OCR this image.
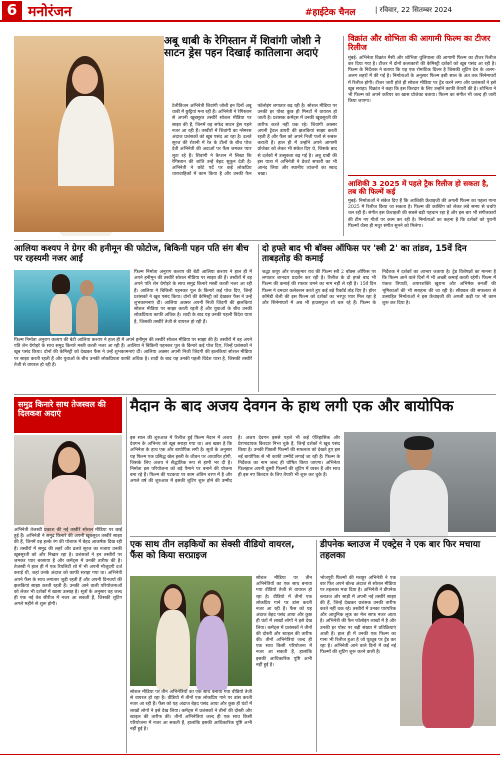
6 मनोरंजन	#हाईटेक चैनल	| रविवार, 22 सितम्बर 2024
अबू धाबी के रेगिस्तान में शिवांगी जोशी ने साटन ड्रेस पहन दिखाई कातिलाना अदाएं
टेलीविजन अभिनेत्री शिवांगी जोशी इन दिनों अबू धाबी में छुट्टियां मना रही हैं। अभिनेत्री ने रेगिस्तान से अपनी खूबसूरत तस्वीरें सोशल मीडिया पर साझा की हैं, जिनमें वह सफेद साटन ड्रेस पहने नजर आ रही हैं। तस्वीरों में शिवांगी का ग्लैमरस अंदाज प्रशंसकों को खूब पसंद आ रहा है। ढलते सूरज की रोशनी में रेत के टीलों के बीच पोज देती अभिनेत्री की अदाओं पर फैंस जमकर प्यार लुटा रहे हैं। शिवांगी ने कैप्शन में लिखा कि रेगिस्तान की शांति उन्हें बेहद सुकून देती है। अभिनेत्री ने छोटे पर्दे पर कई लोकप्रिय धारावाहिकों में काम किया है और उनकी फैन फॉलोइंग लगातार बढ़ रही है। सोशल मीडिया पर उनकी हर पोस्ट कुछ ही मिनटों में वायरल हो जाती है। प्रशंसक कमेंट्स में उनकी खूबसूरती की तारीफ करते नहीं थक रहे। शिवांगी अक्सर अपनी ट्रैवल डायरी की झलकियां साझा करती रहती हैं और फैंस को अपने निजी पलों से रूबरू कराती हैं। हाल ही में उन्होंने अपने आगामी प्रोजेक्ट को लेकर भी संकेत दिए थे, जिसके बाद से दर्शकों में उत्सुकता बढ़ गई है। अबू धाबी की इस यात्रा में अभिनेत्री ने डेजर्ट सफारी का भी आनंद लिया और स्थानीय व्यंजनों का स्वाद चखा।
विक्रांत और शोभिता की आगामी फिल्म का टीजर रिलीज
मुंबई: अभिनेता विक्रांत मैसी और शोभिता धुलिपाला की आगामी फिल्म का टीजर रिलीज कर दिया गया है। टीजर में दोनों कलाकारों की केमिस्ट्री दर्शकों को खूब पसंद आ रही है। फिल्म के निर्देशक ने बताया कि यह एक रोमांटिक थ्रिलर है जिसकी शूटिंग देश के अलग-अलग शहरों में की गई है। निर्माताओं के अनुसार फिल्म इसी साल के अंत तक सिनेमाघरों में रिलीज होगी। टीजर जारी होते ही सोशल मीडिया पर ट्रेंड करने लगा और प्रशंसकों ने इसे खूब सराहा। विक्रांत ने कहा कि इस किरदार के लिए उन्होंने काफी तैयारी की है। शोभिता ने भी फिल्म को अपने करियर का खास प्रोजेक्ट बताया। फिल्म का संगीत भी जल्द ही जारी किया जाएगा।
आशिकी 3 2025 में पहले ट्रैक रिलीज हो सकता है, तब की फिल्में कई
मुंबई: निर्माताओं ने संकेत दिए हैं कि आशिकी फ्रेंचाइजी की अगली फिल्म का पहला गाना 2025 में रिलीज किया जा सकता है। फिल्म की कास्टिंग को लेकर लंबे समय से चर्चाएं चल रही हैं। संगीत इस फ्रेंचाइजी की सबसे बड़ी पहचान रहा है और इस बार भी संगीतकारों की टीम नए गीतों पर काम कर रही है। निर्माताओं का कहना है कि दर्शकों को पुरानी फिल्मों जैसा ही मधुर संगीत सुनने को मिलेगा।
आलिया कश्यप ने ग्रेगर की हनीमून की फोटोज, बिकिनी पहन पति संग बीच पर रहस्यमी नजर आईं
फिल्म निर्माता अनुराग कश्यप की बेटी आलिया कश्यप ने हाल ही में अपने हनीमून की तस्वीरें सोशल मीडिया पर साझा की हैं। तस्वीरों में वह अपने पति शेन ग्रेगोइरे के साथ समुद्र किनारे मस्ती करती नजर आ रही हैं। आलिया ने बिकिनी पहनकर पूल के किनारे कई पोज दिए, जिन्हें प्रशंसकों ने खूब पसंद किया। दोनों की केमिस्ट्री को देखकर फैंस ने उन्हें शुभकामनाएं दीं। आलिया अक्सर अपनी निजी जिंदगी की झलकियां सोशल मीडिया पर साझा करती रहती हैं और युवाओं के बीच उनकी लोकप्रियता काफी अधिक है। शादी के बाद यह उनकी पहली विदेश यात्रा है, जिसकी तस्वीरें तेजी से वायरल हो रही हैं।
फिल्म निर्माता अनुराग कश्यप की बेटी आलिया कश्यप ने हाल ही में अपने हनीमून की तस्वीरें सोशल मीडिया पर साझा की हैं। तस्वीरों में वह अपने पति शेन ग्रेगोइरे के साथ समुद्र किनारे मस्ती करती नजर आ रही हैं। आलिया ने बिकिनी पहनकर पूल के किनारे कई पोज दिए, जिन्हें प्रशंसकों ने खूब पसंद किया। दोनों की केमिस्ट्री को देखकर फैंस ने उन्हें शुभकामनाएं दीं। आलिया अक्सर अपनी निजी जिंदगी की झलकियां सोशल मीडिया पर साझा करती रहती हैं और युवाओं के बीच उनकी लोकप्रियता काफी अधिक है। शादी के बाद यह उनकी पहली विदेश यात्रा है, जिसकी तस्वीरें तेजी से वायरल हो रही हैं।
दो हफ्ते बाद भी बॉक्स ऑफिस पर 'स्त्री 2' का तांडव, 15वें दिन ताबड़तोड़ की कमाई
श्रद्धा कपूर और राजकुमार राव की फिल्म स्त्री 2 बॉक्स ऑफिस पर लगातार शानदार प्रदर्शन कर रही है। रिलीज के दो हफ्ते बाद भी फिल्म की कमाई की रफ्तार थमने का नाम नहीं ले रही है। 15वें दिन फिल्म ने दमदार कलेक्शन करते हुए कई बड़े रिकॉर्ड तोड़ दिए हैं। हॉरर कॉमेडी शैली की इस फिल्म को दर्शकों का भरपूर प्यार मिल रहा है और सिनेमाघरों में अब भी हाउसफुल शो चल रहे हैं। फिल्म के निर्देशक ने दर्शकों का आभार जताया है। ट्रेड विशेषज्ञों का मानना है कि फिल्म आने वाले दिनों में भी अच्छी कमाई करती रहेगी। फिल्म में पंकज त्रिपाठी, अपारशक्ति खुराना और अभिषेक बनर्जी की भूमिकाओं की भी सराहना की जा रही है। सीक्वल की सफलता से उत्साहित निर्माताओं ने इस फ्रेंचाइजी की अगली कड़ी पर भी काम शुरू कर दिया है।
समुद्र किनारे साथ तेजस्वल की दिलकश अदाएं
अभिनेत्री तेजस्वी प्रकाश की नई तस्वीरें सोशल मीडिया पर छाई हुई हैं। अभिनेत्री ने समुद्र किनारे की अपनी खूबसूरत तस्वीरें साझा की हैं, जिनमें वह हल्के रंग की पोशाक में बेहद आकर्षक दिख रही हैं। तस्वीरों में समुद्र की लहरें और ढलते सूरज का नजारा उनकी खूबसूरती को और निखार रहा है। प्रशंसकों ने इन तस्वीरों पर जमकर प्यार बरसाया है और कमेंट्स में उनकी तारीफ की है। तेजस्वी ने हाल ही में एक रियलिटी शो में भी अपनी मौजूदगी दर्ज कराई थी, जहां उनके अंदाज को काफी सराहा गया था। अभिनेत्री अपने फैंस के साथ लगातार जुड़ी रहती हैं और अपनी दिनचर्या की झलकियां साझा करती रहती हैं। उनकी आने वाली परियोजनाओं को लेकर भी दर्शकों में खासा उत्साह है। सूत्रों के अनुसार वह जल्द ही एक नई वेब सीरीज में नजर आ सकती हैं, जिसकी शूटिंग अगले महीने से शुरू होगी।
मैदान के बाद अजय देवगन के हाथ लगी एक और बायोपिक
इस साल की शुरुआत में रिलीज हुई फिल्म मैदान में अजय देवगन के अभिनय को खूब सराहा गया था। अब खबर है कि अभिनेता के हाथ एक और बायोपिक लगी है। सूत्रों के अनुसार यह फिल्म एक प्रसिद्ध खेल हस्ती के जीवन पर आधारित होगी, जिसके लिए अजय ने सैद्धांतिक रूप से हामी भर दी है। निर्माता इस परियोजना को बड़े पैमाने पर बनाने की योजना बना रहे हैं। फिल्म की पटकथा पर काम अंतिम चरण में है और अगले वर्ष की शुरुआत में इसकी शूटिंग शुरू होने की उम्मीद है। अजय देवगन इससे पहले भी कई ऐतिहासिक और प्रेरणादायक किरदार निभा चुके हैं, जिन्हें दर्शकों ने खूब पसंद किया है। उनकी पिछली फिल्मों की सफलता को देखते हुए इस नई बायोपिक से भी काफी उम्मीदें लगाई जा रही हैं। फिल्म के निर्देशक का नाम जल्द ही घोषित किया जाएगा। अभिनेता फिलहाल अपनी दूसरी फिल्मों की शूटिंग में व्यस्त हैं और साथ ही इस नए किरदार के लिए तैयारी भी शुरू कर चुके हैं।
एक साथ तीन लड़कियों का सेक्सी वीडियो वायरल, फैंस को किया सरप्राइज
सोशल मीडिया पर तीन अभिनेत्रियों का एक साथ बनाया गया वीडियो तेजी से वायरल हो रहा है। वीडियो में तीनों एक लोकप्रिय गाने पर डांस करती नजर आ रही हैं। फैंस को यह अंदाज बेहद पसंद आया और कुछ ही घंटों में लाखों लोगों ने इसे देख लिया। कमेंट्स में प्रशंसकों ने तीनों की दोस्ती और स्टाइल की तारीफ की। तीनों अभिनेत्रियां जल्द ही एक साथ किसी परियोजना में नजर आ सकती हैं, हालांकि इसकी आधिकारिक पुष्टि अभी नहीं हुई है।
सोशल मीडिया पर तीन अभिनेत्रियों का एक साथ बनाया गया वीडियो तेजी से वायरल हो रहा है। वीडियो में तीनों एक लोकप्रिय गाने पर डांस करती नजर आ रही हैं। फैंस को यह अंदाज बेहद पसंद आया और कुछ ही घंटों में लाखों लोगों ने इसे देख लिया। कमेंट्स में प्रशंसकों ने तीनों की दोस्ती और स्टाइल की तारीफ की। तीनों अभिनेत्रियां जल्द ही एक साथ किसी परियोजना में नजर आ सकती हैं, हालांकि इसकी आधिकारिक पुष्टि अभी नहीं हुई है।
डीपनेक ब्लाउज में एक्ट्रेस ने एक बार फिर मचाया तहलका
भोजपुरी फिल्मों की मशहूर अभिनेत्री ने एक बार फिर अपने बोल्ड अंदाज से सोशल मीडिया पर तहलका मचा दिया है। अभिनेत्री ने डीपनेक ब्लाउज और साड़ी में अपनी नई तस्वीरें साझा की हैं, जिन्हें देखकर प्रशंसक उनकी तारीफ करते नहीं थक रहे। तस्वीरों में उनका पारंपरिक और आधुनिक लुक का मेल साफ नजर आता है। अभिनेत्री की फैन फॉलोइंग लाखों में है और उनकी हर पोस्ट पर बड़ी संख्या में प्रतिक्रियाएं आती हैं। हाल ही में उनकी एक फिल्म का गाना भी रिलीज हुआ है जो यूट्यूब पर ट्रेंड कर रहा है। अभिनेत्री आने वाले दिनों में कई नई फिल्मों की शूटिंग शुरू करने वाली हैं।
